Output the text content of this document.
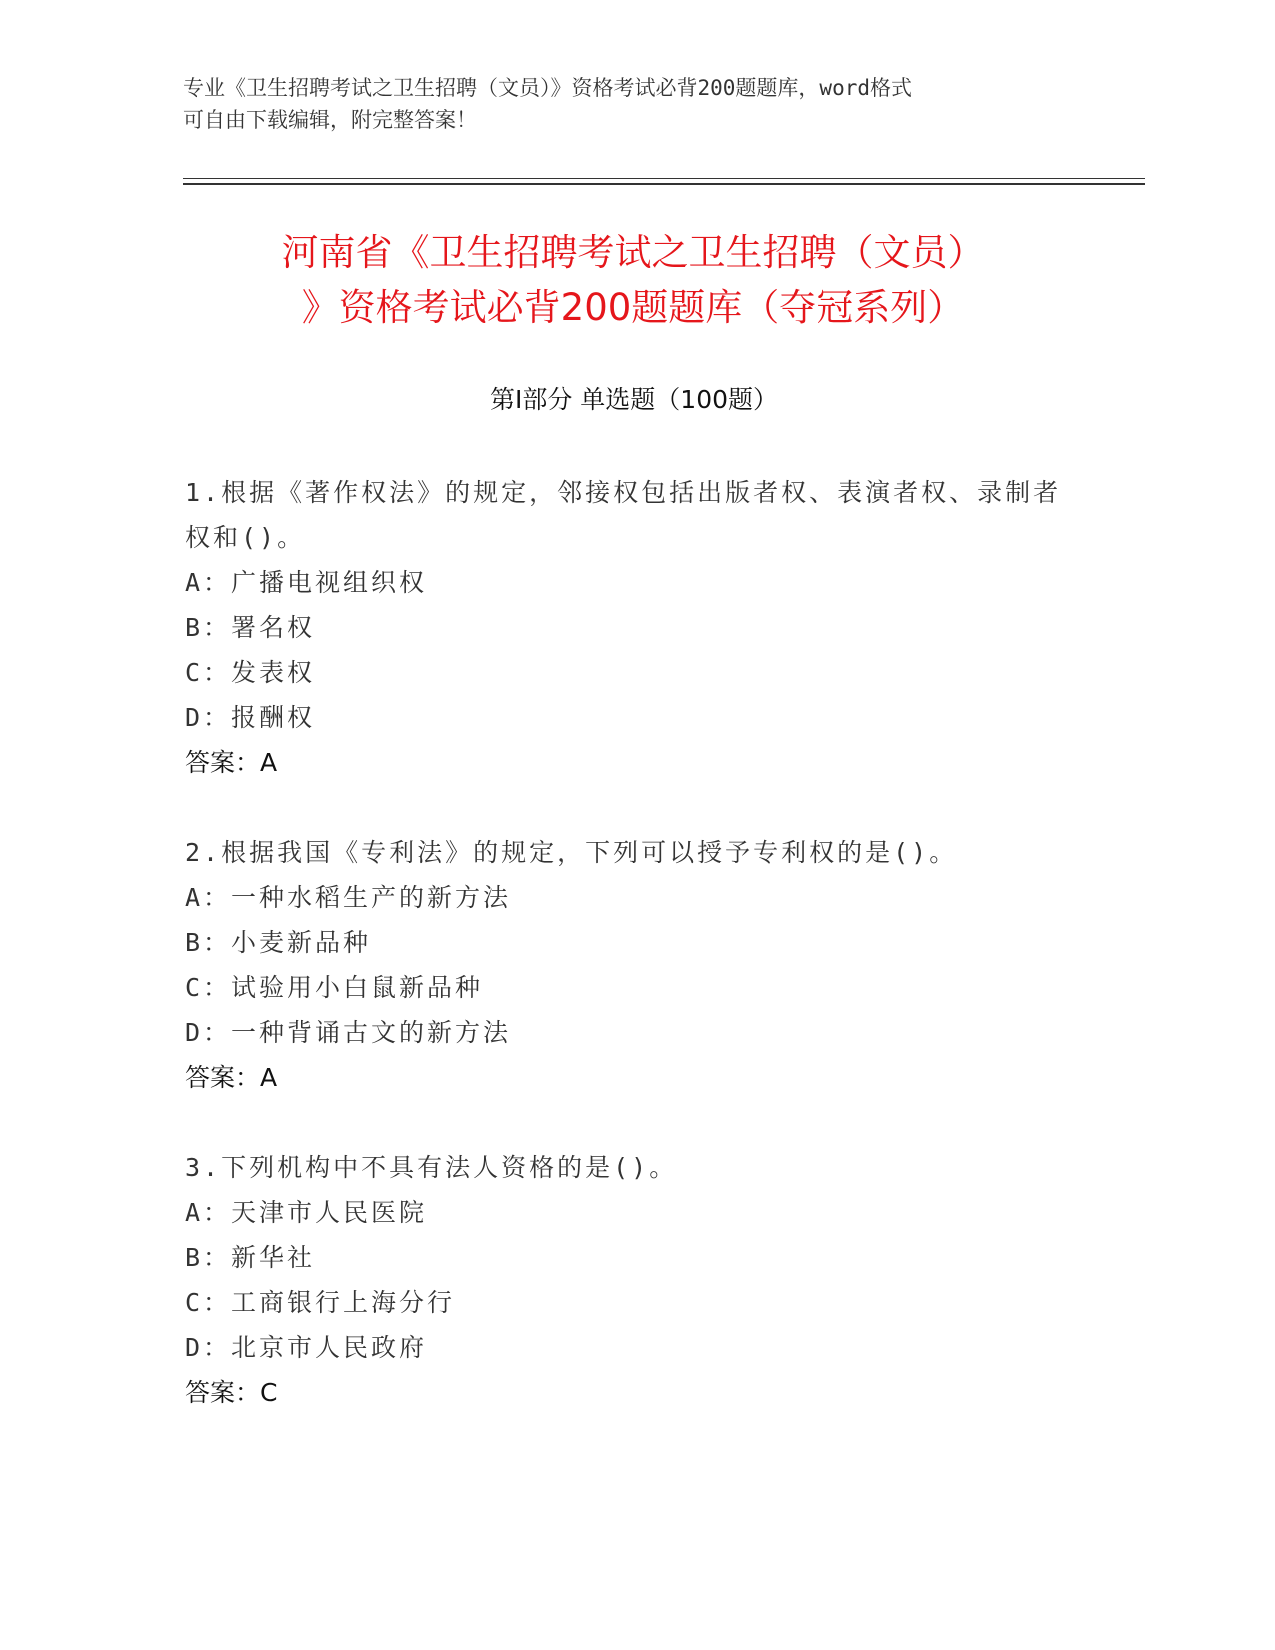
专业《卫生招聘考试之卫生招聘（文员）》资格考试必背200题题库，word格式
可自由下载编辑，附完整答案！
河南省《卫生招聘考试之卫生招聘（文员）
》资格考试必背200题题库（夺冠系列）
第Ⅰ部分 单选题（100题）
1.根据《著作权法》的规定，邻接权包括出版者权、表演者权、录制者权和()。
A：广播电视组织权
B：署名权
C：发表权
D：报酬权
答案：A
2.根据我国《专利法》的规定，下列可以授予专利权的是()。
A：一种水稻生产的新方法
B：小麦新品种
C：试验用小白鼠新品种
D：一种背诵古文的新方法
答案：A
3.下列机构中不具有法人资格的是()。
A：天津市人民医院
B：新华社
C：工商银行上海分行
D：北京市人民政府
答案：C
